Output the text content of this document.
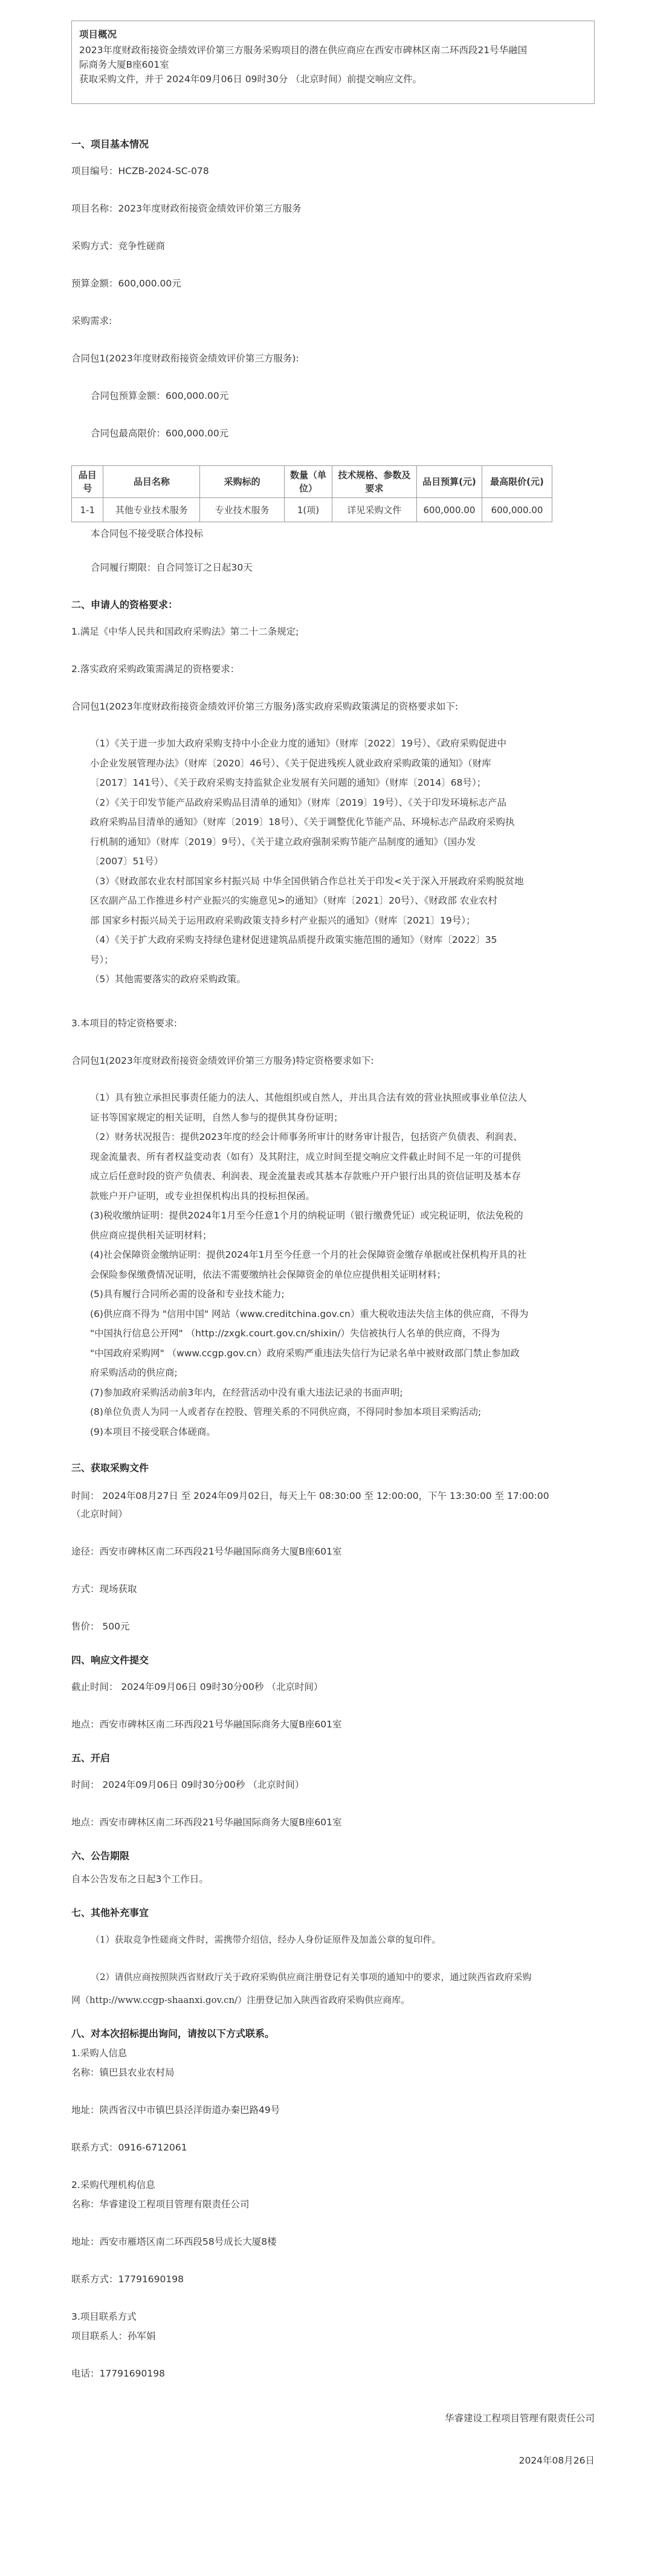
项目概况
2023年度财政衔接资金绩效评价第三方服务采购项目的潜在供应商应在西安市碑林区南二环西段21号华融国
际商务大厦B座601室
获取采购文件，并于 2024年09月06日 09时30分 （北京时间）前提交响应文件。
一、项目基本情况
项目编号：HCZB-2024-SC-078
项目名称：2023年度财政衔接资金绩效评价第三方服务
采购方式：竞争性磋商
预算金额：600,000.00元
采购需求:
合同包1(2023年度财政衔接资金绩效评价第三方服务):
合同包预算金额：600,000.00元
合同包最高限价：600,000.00元
品目号	品目名称	采购标的	数量（单位）	技术规格、参数及要求	品目预算(元)	最高限价(元)
1-1	其他专业技术服务	专业技术服务	1(项)	详见采购文件	600,000.00	600,000.00
本合同包不接受联合体投标
合同履行期限：自合同签订之日起30天
二、申请人的资格要求：
1.满足《中华人民共和国政府采购法》第二十二条规定;
2.落实政府采购政策需满足的资格要求：
合同包1(2023年度财政衔接资金绩效评价第三方服务)落实政府采购政策满足的资格要求如下:
（1）《关于进一步加大政府采购支持中小企业力度的通知》（财库〔2022〕19号）、《政府采购促进中
小企业发展管理办法》（财库〔2020〕46号）、《关于促进残疾人就业政府采购政策的通知》（财库
〔2017〕141号）、《关于政府采购支持监狱企业发展有关问题的通知》（财库〔2014〕68号）；
（2）《关于印发节能产品政府采购品目清单的通知》（财库〔2019〕19号）、《关于印发环境标志产品
政府采购品目清单的通知》（财库〔2019〕18号）、《关于调整优化节能产品、环境标志产品政府采购执
行机制的通知》（财库〔2019〕9号）、《关于建立政府强制采购节能产品制度的通知》（国办发
〔2007〕51号）
（3）《财政部农业农村部国家乡村振兴局 中华全国供销合作总社关于印发<关于深入开展政府采购脱贫地
区农副产品工作推进乡村产业振兴的实施意见>的通知》（财库〔2021〕20号）、《财政部 农业农村
部 国家乡村振兴局关于运用政府采购政策支持乡村产业振兴的通知》（财库〔2021〕19号）；
（4）《关于扩大政府采购支持绿色建材促进建筑品质提升政策实施范围的通知》（财库〔2022〕35
号）；
（5）其他需要落实的政府采购政策。
3.本项目的特定资格要求:
合同包1(2023年度财政衔接资金绩效评价第三方服务)特定资格要求如下:
（1）具有独立承担民事责任能力的法人、其他组织或自然人，并出具合法有效的营业执照或事业单位法人
证书等国家规定的相关证明，自然人参与的提供其身份证明；
（2）财务状况报告：提供2023年度的经会计师事务所审计的财务审计报告，包括资产负债表、利润表、
现金流量表、所有者权益变动表（如有）及其附注，成立时间至提交响应文件截止时间不足一年的可提供
成立后任意时段的资产负债表、利润表、现金流量表或其基本存款账户开户银行出具的资信证明及基本存
款账户开户证明，或专业担保机构出具的投标担保函。
(3)税收缴纳证明：提供2024年1月至今任意1个月的纳税证明（银行缴费凭证）或完税证明，依法免税的
供应商应提供相关证明材料；
(4)社会保障资金缴纳证明：提供2024年1月至今任意一个月的社会保障资金缴存单据或社保机构开具的社
会保险参保缴费情况证明，依法不需要缴纳社会保障资金的单位应提供相关证明材料；
(5)具有履行合同所必需的设备和专业技术能力;
(6)供应商不得为 "信用中国" 网站（www.creditchina.gov.cn）重大税收违法失信主体的供应商，不得为
"中国执行信息公开网" （http://zxgk.court.gov.cn/shixin/）失信被执行人名单的供应商，不得为
"中国政府采购网" （www.ccgp.gov.cn）政府采购严重违法失信行为记录名单中被财政部门禁止参加政
府采购活动的供应商;
(7)参加政府采购活动前3年内，在经营活动中没有重大违法记录的书面声明;
(8)单位负责人为同一人或者存在控股、管理关系的不同供应商，不得同时参加本项目采购活动;
(9)本项目不接受联合体磋商。
三、获取采购文件
时间： 2024年08月27日 至 2024年09月02日，每天上午 08:30:00 至 12:00:00，下午 13:30:00 至 17:00:00
（北京时间）
途径：西安市碑林区南二环西段21号华融国际商务大厦B座601室
方式：现场获取
售价： 500元
四、响应文件提交
截止时间： 2024年09月06日 09时30分00秒 （北京时间）
地点：西安市碑林区南二环西段21号华融国际商务大厦B座601室
五、开启
时间： 2024年09月06日 09时30分00秒 （北京时间）
地点：西安市碑林区南二环西段21号华融国际商务大厦B座601室
六、公告期限
自本公告发布之日起3个工作日。
七、其他补充事宜
（1）获取竞争性磋商文件时，需携带介绍信，经办人身份证原件及加盖公章的复印件。
（2）请供应商按照陕西省财政厅关于政府采购供应商注册登记有关事项的通知中的要求，通过陕西省政府采购
网（http://www.ccgp-shaanxi.gov.cn/）注册登记加入陕西省政府采购供应商库。
八、对本次招标提出询问，请按以下方式联系。
1.采购人信息
名称：镇巴县农业农村局
地址：陕西省汉中市镇巴县泾洋街道办秦巴路49号
联系方式：0916-6712061
2.采购代理机构信息
名称：华睿建设工程项目管理有限责任公司
地址：西安市雁塔区南二环西段58号成长大厦8楼
联系方式：17791690198
3.项目联系方式
项目联系人：孙军娟
电话：17791690198
华睿建设工程项目管理有限责任公司
2024年08月26日
